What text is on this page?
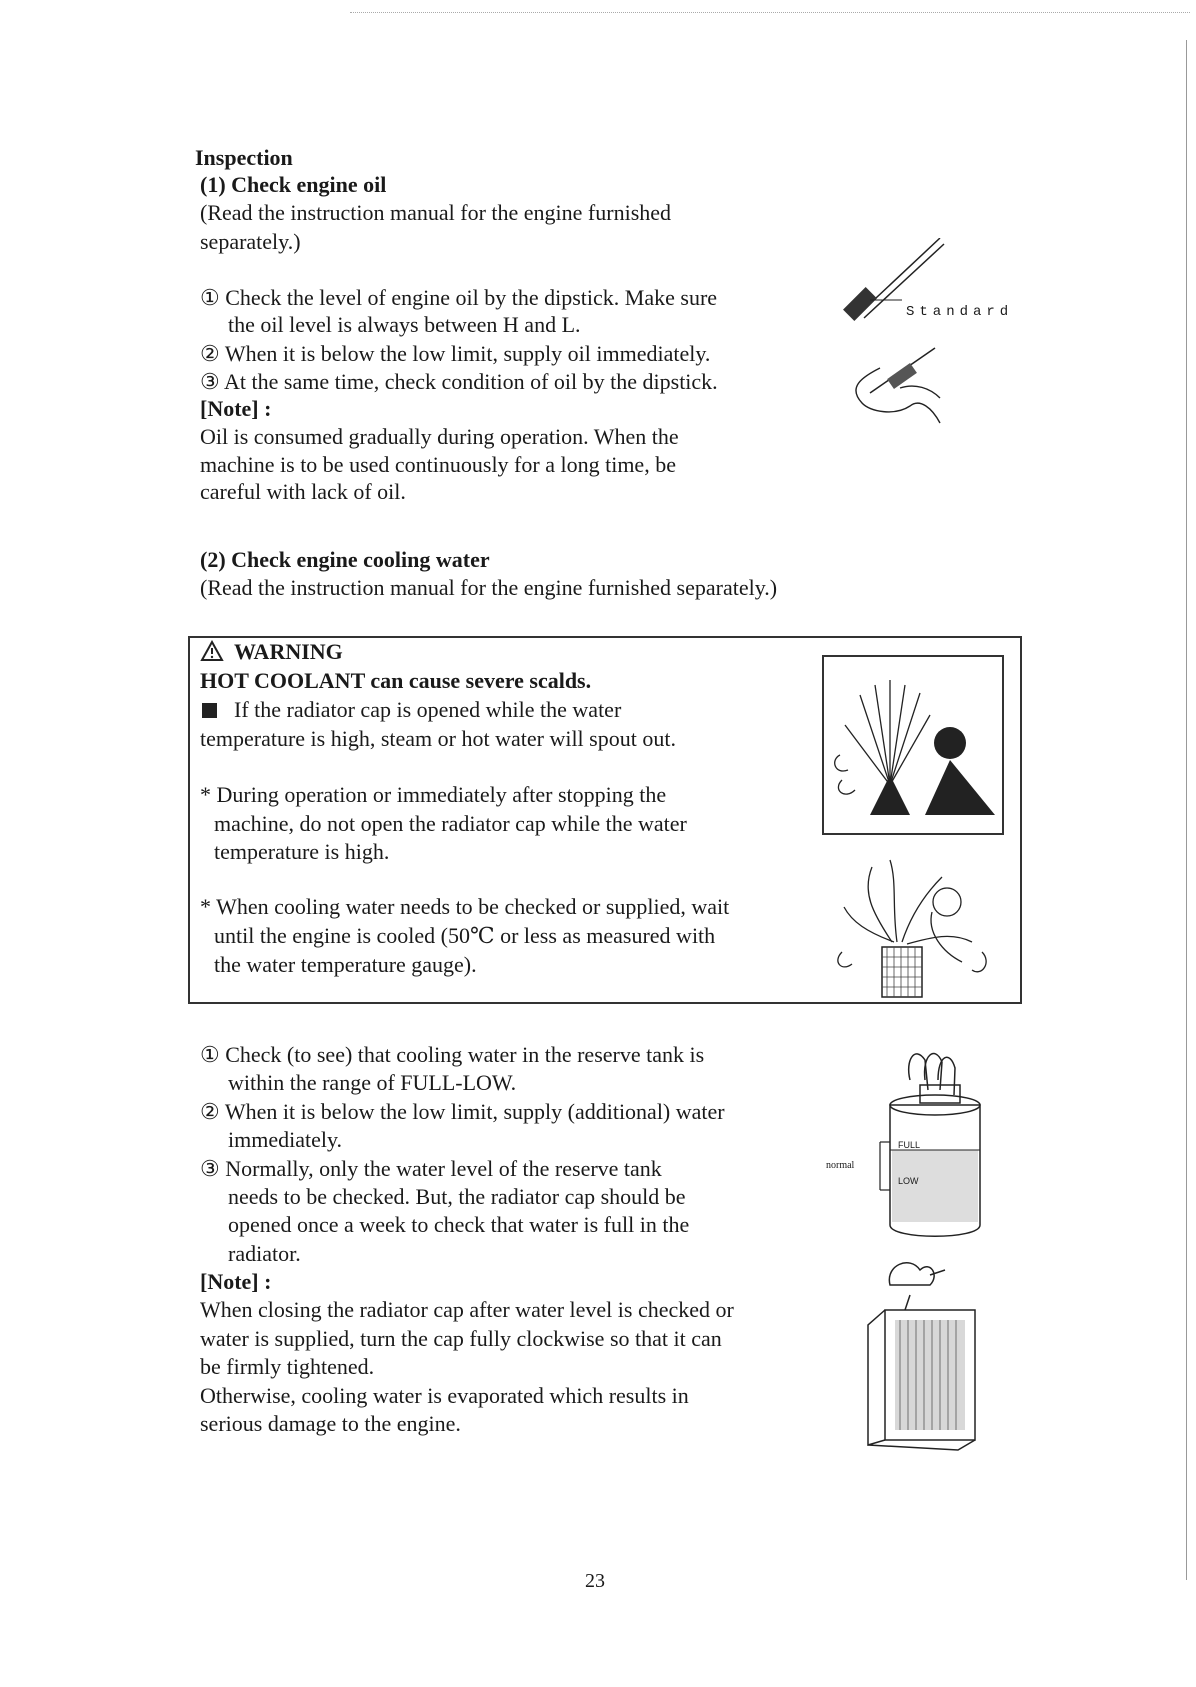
Inspection
(1) Check engine oil
(Read the instruction manual for the engine furnished
separately.)
① Check the level of engine oil by the dipstick. Make sure
the oil level is always between H and L.
② When it is below the low limit, supply oil immediately.
③ At the same time, check condition of oil by the dipstick.
[Note] :
Oil is consumed gradually during operation. When the
machine is to be used continuously for a long time, be
careful with lack of oil.
Standard
(2) Check engine cooling water
(Read the instruction manual for the engine furnished separately.)
WARNING
HOT COOLANT can cause severe scalds.
If the radiator cap is opened while the water
temperature is high, steam or hot water will spout out.
* During operation or immediately after stopping the
machine, do not open the radiator cap while the water
temperature is high.
* When cooling water needs to be checked or supplied, wait
until the engine is cooled (50℃ or less as measured with
the water temperature gauge).
① Check (to see) that cooling water in the reserve tank is
within the range of FULL-LOW.
② When it is below the low limit, supply (additional) water
immediately.
③ Normally, only the water level of the reserve tank
needs to be checked. But, the radiator cap should be
opened once a week to check that water is full in the
radiator.
[Note] :
When closing the radiator cap after water level is checked or
water is supplied, turn the cap fully clockwise so that it can
be firmly tightened.
Otherwise, cooling water is evaporated which results in
serious damage to the engine.
normal
FULL
LOW
23
